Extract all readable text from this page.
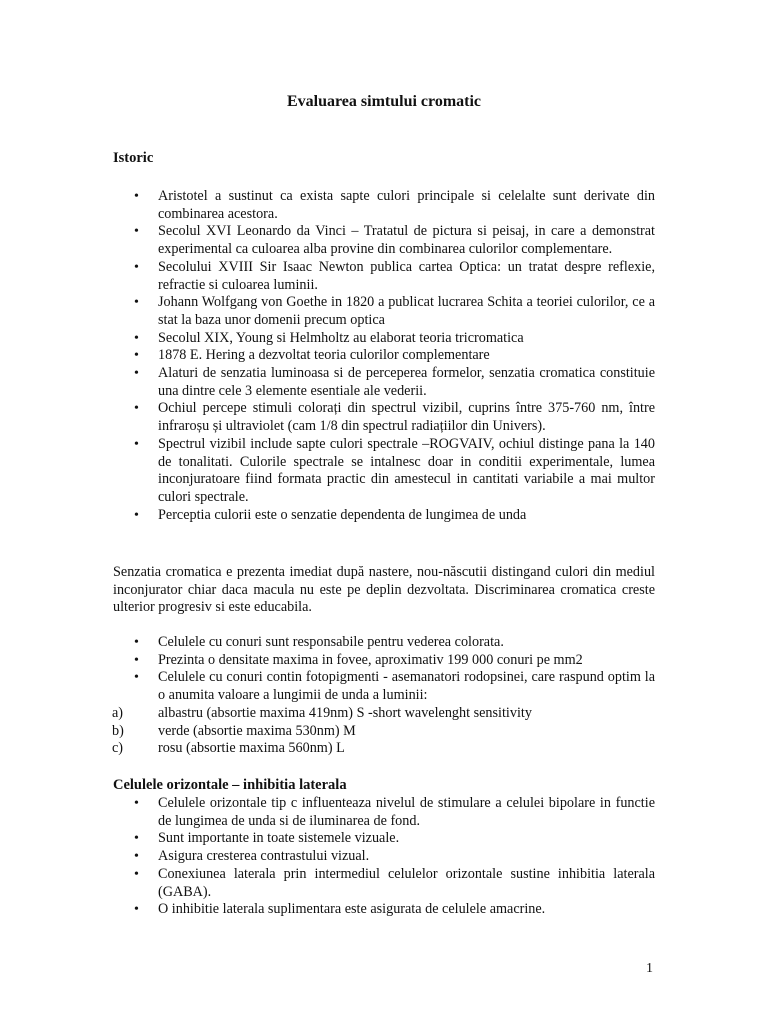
Evaluarea simtului cromatic
Istoric
• Aristotel a sustinut ca exista sapte culori principale si celelalte sunt derivate din combinarea acestora.
• Secolul XVI Leonardo da Vinci – Tratatul de pictura si peisaj, in care a demonstrat experimental ca culoarea alba provine din combinarea culorilor complementare.
• Secolului XVIII Sir Isaac Newton publica cartea Optica: un tratat despre reflexie, refractie si culoarea luminii.
• Johann Wolfgang von Goethe in 1820 a publicat lucrarea Schita a teoriei culorilor, ce a stat la baza unor domenii precum optica
• Secolul XIX, Young si Helmholtz au elaborat teoria tricromatica
• 1878 E. Hering a dezvoltat teoria culorilor complementare
• Alaturi de senzatia luminoasa si de perceperea formelor, senzatia cromatica constituie una dintre cele 3 elemente esentiale ale vederii.
• Ochiul percepe stimuli colorați din spectrul vizibil, cuprins între 375-760 nm, între infraroșu și ultraviolet (cam 1/8 din spectrul radiațiilor din Univers).
• Spectrul vizibil include sapte culori spectrale –ROGVAIV, ochiul distinge pana la 140 de tonalitati. Culorile spectrale se intalnesc doar in conditii experimentale, lumea inconjuratoare fiind formata practic din amestecul in cantitati variabile a mai multor culori spectrale.
• Perceptia culorii este o senzatie dependenta de lungimea de unda

Senzatia cromatica e prezenta imediat după nastere, nou-născutii distingand culori din mediul inconjurator chiar daca macula nu este pe deplin dezvoltata. Discriminarea cromatica creste ulterior progresiv si este educabila.

• Celulele cu conuri sunt responsabile pentru vederea colorata.
• Prezinta o densitate maxima in fovee, aproximativ 199 000 conuri pe mm2
• Celulele cu conuri contin fotopigmenti - asemanatori rodopsinei, care raspund optim la o anumita valoare a lungimii de unda a luminii:
a) albastru (absortie maxima 419nm) S -short wavelenght sensitivity
b) verde (absortie maxima 530nm) M
c) rosu (absortie maxima 560nm) L
Celulele orizontale – inhibitia laterala
• Celulele orizontale tip c influenteaza nivelul de stimulare a celulei bipolare in functie de lungimea de unda si de iluminarea de fond.
• Sunt importante in toate sistemele vizuale.
• Asigura cresterea contrastului vizual.
• Conexiunea laterala prin intermediul celulelor orizontale sustine inhibitia laterala (GABA).
• O inhibitie laterala suplimentara este asigurata de celulele amacrine.
1
